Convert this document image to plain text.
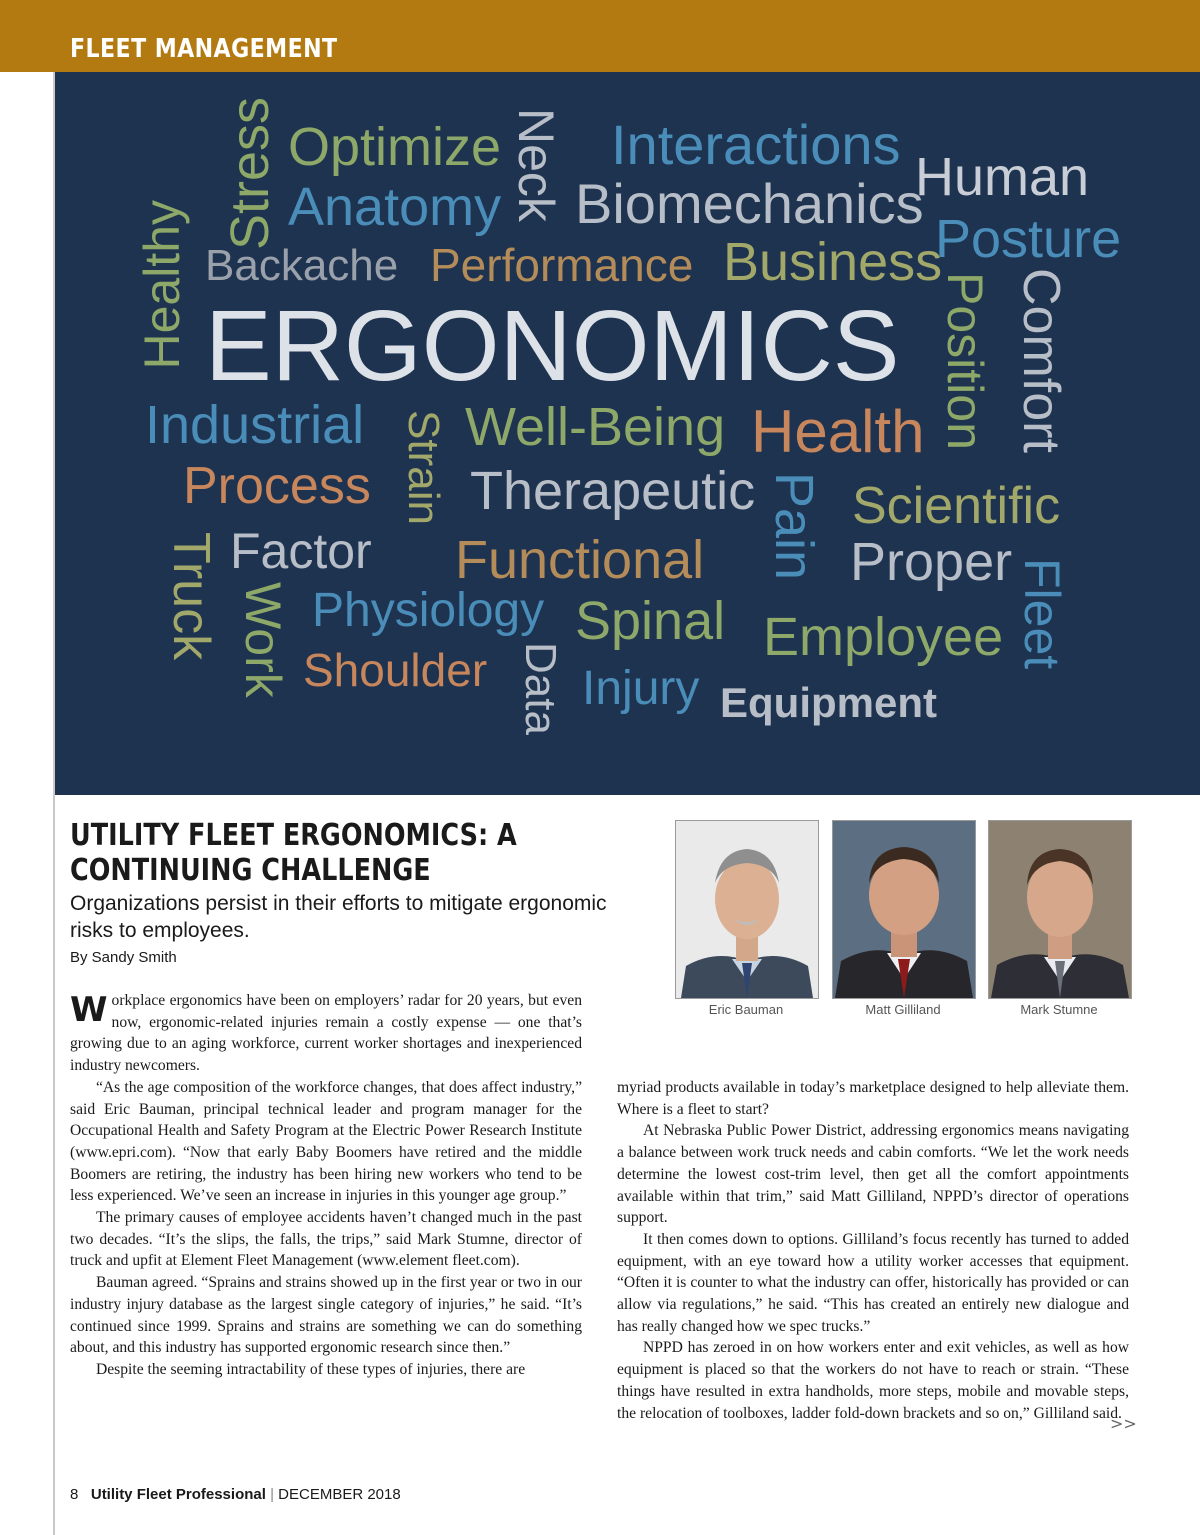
FLEET MANAGEMENT
ERGONOMICS
Optimize Interactions
Human
Anatomy Biomechanics
Posture
Backache Performance Business
Industrial Well-Being Health
Process Therapeutic Scientific
Factor Functional	Proper
Physiology Spinal Employee
Shoulder Injury Equipment
Stress
Healthy
Neck
Strain
Truck Work	Data
Pain
Position Comfort
Fleet
UTILITY FLEET ERGONOMICS: A CONTINUING CHALLENGE
Organizations persist in their efforts to mitigate ergonomic risks to employees.
By Sandy Smith
Eric Bauman	Matt Gilliland	Mark Stumne

Workplace ergonomics have been on employers’ radar for 20 years, but even now, ergonomic-related injuries remain a costly expense — one that’s growing due to an aging workforce, current worker shortages and inexperienced industry newcomers.

“As the age composition of the workforce changes, that does affect industry,” said Eric Bauman, principal technical leader and program manager for the Occupational Health and Safety Program at the Electric Power Research Institute (www.epri.com). “Now that early Baby Boomers have retired and the middle Boomers are retiring, the industry has been hiring new workers who tend to be less experienced. We’ve seen an increase in injuries in this younger age group.”

The primary causes of employee accidents haven’t changed much in the past two decades. “It’s the slips, the falls, the trips,” said Mark Stumne, director of truck and upfit at Element Fleet Management (www.element fleet.com).

Bauman agreed. “Sprains and strains showed up in the first year or two in our industry injury database as the largest single category of injuries,” he said. “It’s continued since 1999. Sprains and strains are something we can do something about, and this industry has supported ergonomic research since then.”

Despite the seeming intractability of these types of injuries, there are

myriad products available in today’s marketplace designed to help alleviate them. Where is a fleet to start?

At Nebraska Public Power District, addressing ergonomics means navigating a balance between work truck needs and cabin comforts. “We let the work needs determine the lowest cost-trim level, then get all the comfort appointments available within that trim,” said Matt Gilliland, NPPD’s director of operations support.

It then comes down to options. Gilliland’s focus recently has turned to added equipment, with an eye toward how a utility worker accesses that equipment. “Often it is counter to what the industry can offer, historically has provided or can allow via regulations,” he said. “This has created an entirely new dialogue and has really changed how we spec trucks.”

NPPD has zeroed in on how workers enter and exit vehicles, as well as how equipment is placed so that the workers do not have to reach or strain. “These things have resulted in extra handholds, more steps, mobile and movable steps, the relocation of toolboxes, ladder fold-down brackets and so on,” Gilliland said.

>>
8 Utility Fleet Professional | DECEMBER 2018
